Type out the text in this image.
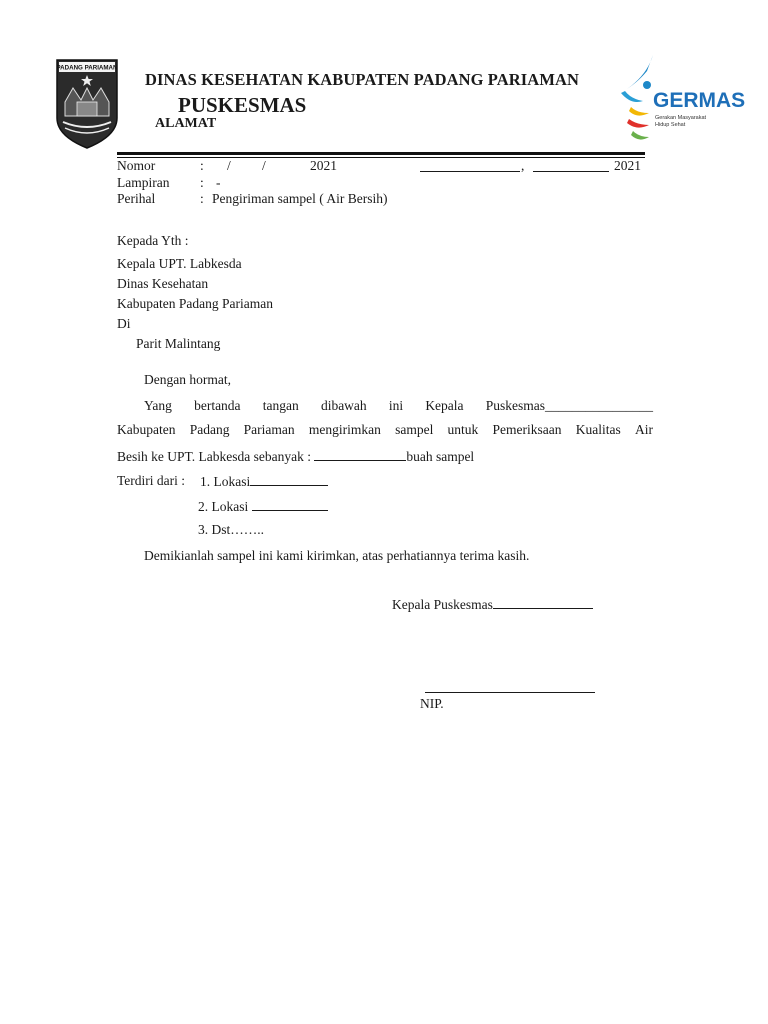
PADANG PARIAMAN
DINAS KESEHATAN KABUPATEN PADANG PARIAMAN
PUSKESMAS
ALAMAT
GERMAS
Gerakan Masyarakat
Hidup Sehat
Nomor	: / /	2021	,	2021
Lampiran : -
Perihal	: Pengiriman sampel ( Air Bersih)
Kepada Yth :
Kepala UPT. Labkesda
Dinas Kesehatan
Kabupaten Padang Pariaman
Di
Parit Malintang
Dengan hormat,
Yang bertanda tangan dibawah ini Kepala Puskesmas________________
Kabupaten Padang Pariaman mengirimkan sampel untuk Pemeriksaan Kualitas Air
Besih ke UPT. Labkesda sebanyak :	buah sampel
Terdiri dari : 1. Lokasi
2. Lokasi
3. Dst……..
Demikianlah sampel ini kami kirimkan, atas perhatiannya terima kasih.
Kepala Puskesmas
NIP.
